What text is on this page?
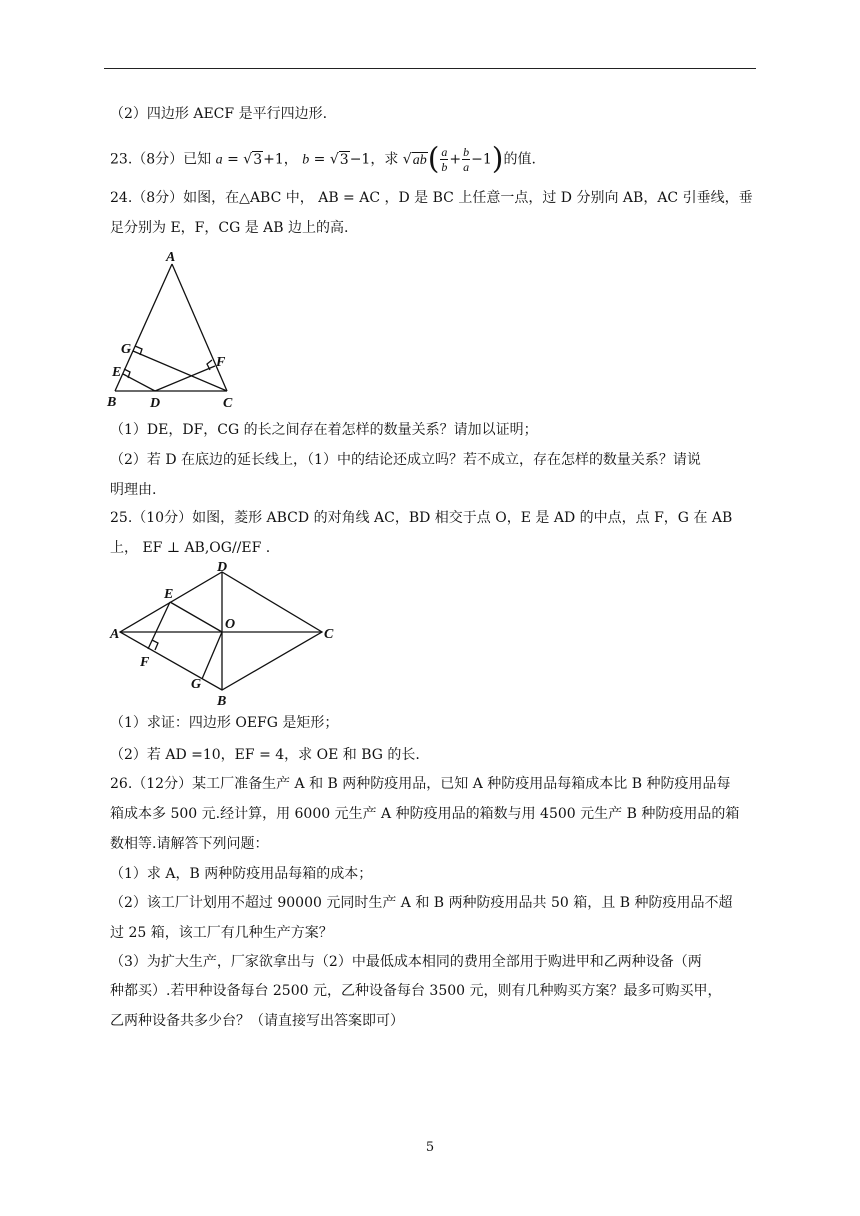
（2）四边形 AECF 是平行四边形.
23.（8分）已知 a = √3+1， b = √3−1，求 $√ab( \frac{a}{b} + \frac{b}{a} -1)$的值.
24.（8分）如图，在△ABC 中， AB = AC ，D 是 BC 上任意一点，过 D 分别向 AB，AC 引垂线，垂
足分别为 E，F，CG 是 AB 边上的高.
A
B	C
D
E
F
G
（1）DE，DF，CG 的长之间存在着怎样的数量关系？请加以证明；
（2）若 D 在底边的延长线上，（1）中的结论还成立吗？若不成立，存在怎样的数量关系？请说
明理由.
25.（10分）如图，菱形 ABCD 的对角线 AC，BD 相交于点 O，E 是 AD 的中点，点 F，G 在 AB
上， EF ⊥ AB,OG//EF .
A
B
C
D
E
F
G
O
（1）求证：四边形 OEFG 是矩形；
（2）若 AD =10，EF = 4，求 OE 和 BG 的长.
26.（12分）某工厂准备生产 A 和 B 两种防疫用品，已知 A 种防疫用品每箱成本比 B 种防疫用品每
箱成本多 500 元.经计算，用 6000 元生产 A 种防疫用品的箱数与用 4500 元生产 B 种防疫用品的箱
数相等.请解答下列问题：
（1）求 A，B 两种防疫用品每箱的成本；
（2）该工厂计划用不超过 90000 元同时生产 A 和 B 两种防疫用品共 50 箱，且 B 种防疫用品不超
过 25 箱，该工厂有几种生产方案？
（3）为扩大生产，厂家欲拿出与（2）中最低成本相同的费用全部用于购进甲和乙两种设备（两
种都买）.若甲种设备每台 2500 元，乙种设备每台 3500 元，则有几种购买方案？最多可购买甲，
乙两种设备共多少台？（请直接写出答案即可）
5
